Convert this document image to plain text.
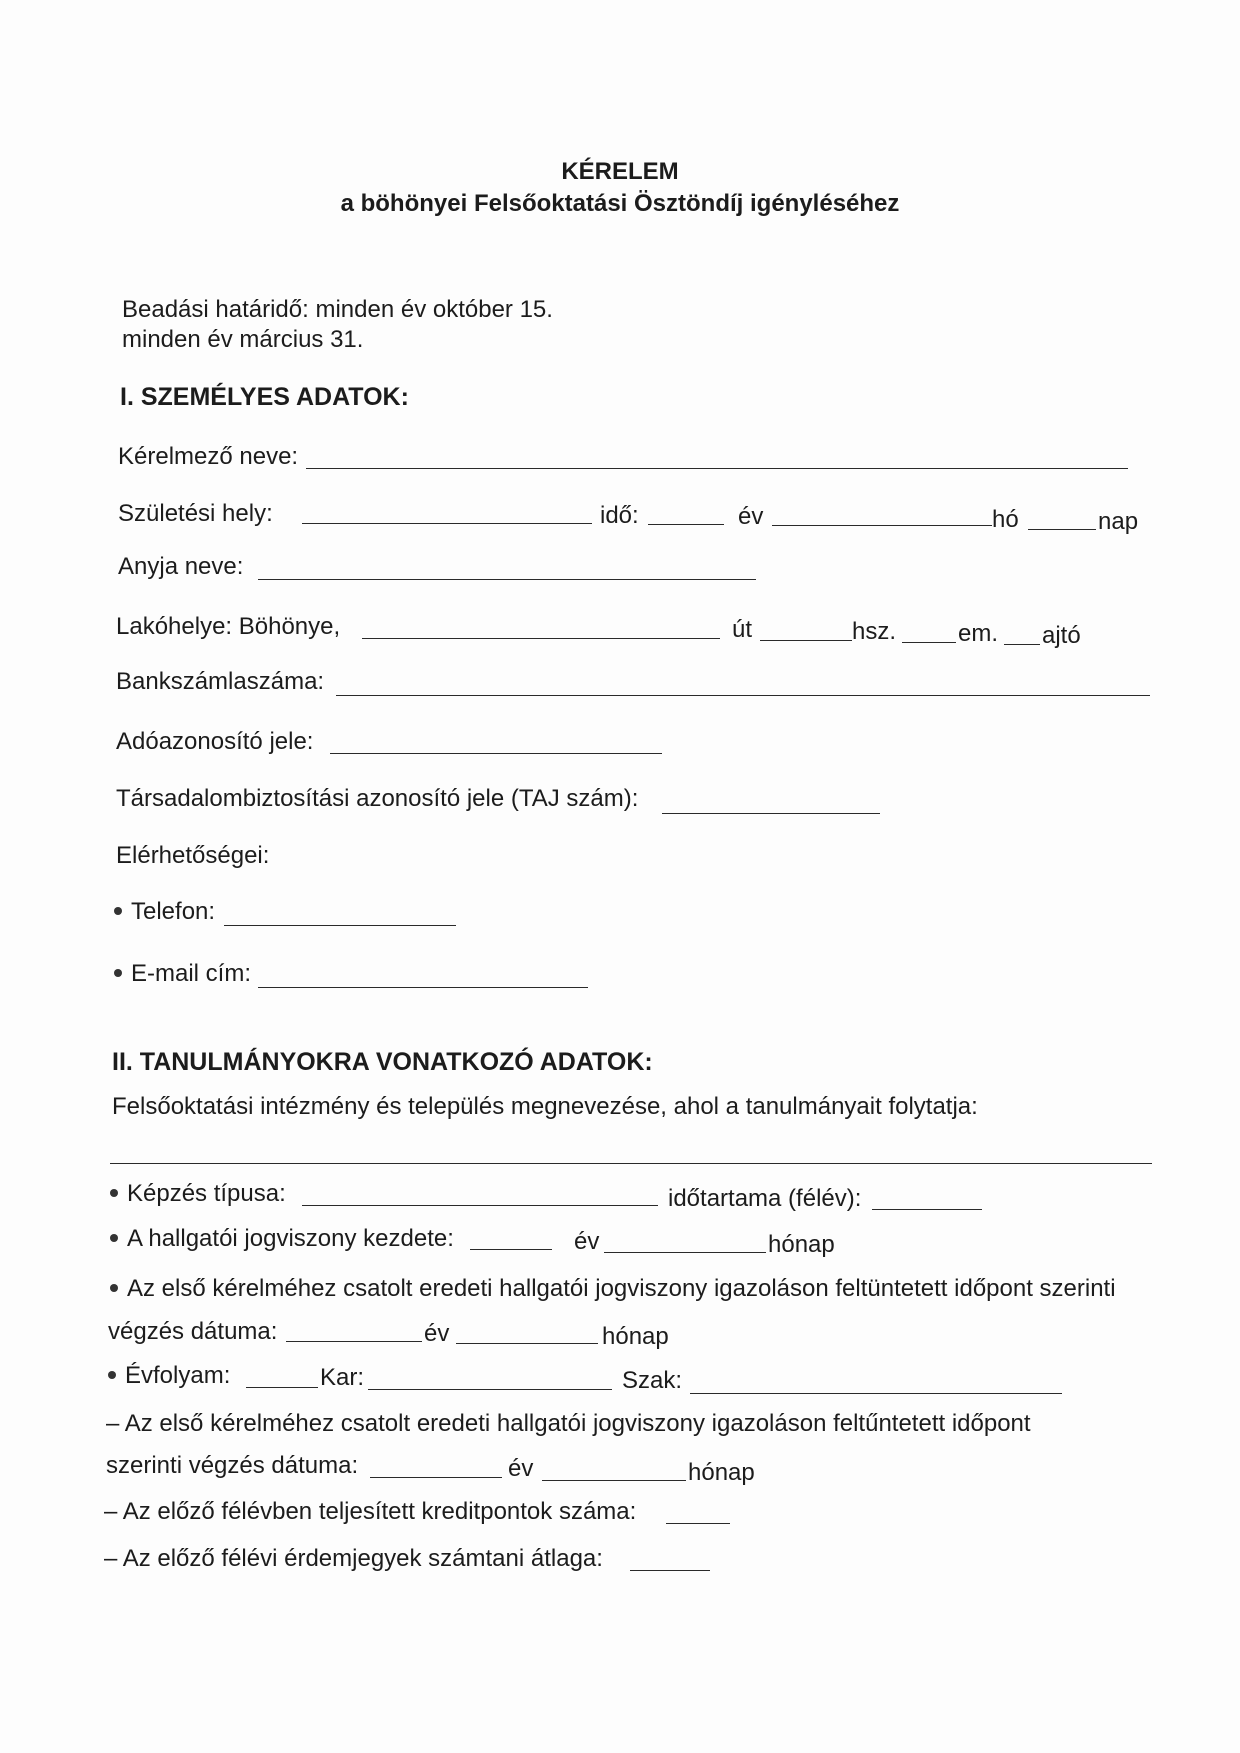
KÉRELEM
a böhönyei Felsőoktatási Ösztöndíj igényléséhez
Beadási határidő: minden év október 15.
minden év március 31.
I. SZEMÉLYES ADATOK:
Kérelmező neve:
Születési hely:	idő:	év	hó	nap
Anyja neve:
Lakóhelye: Böhönye,	út	hsz.	em. ajtó
Bankszámlaszáma:
Adóazonosító jele:
Társadalombiztosítási azonosító jele (TAJ szám):
Elérhetőségei:
Telefon:
E-mail cím:
II. TANULMÁNYOKRA VONATKOZÓ ADATOK:
Felsőoktatási intézmény és település megnevezése, ahol a tanulmányait folytatja:
Képzés típusa:	időtartama (félév):
A hallgatói jogviszony kezdete:	év	hónap
Az első kérelméhez csatolt eredeti hallgatói jogviszony igazoláson feltüntetett időpont szerinti
végzés dátuma:	év	hónap
Évfolyam:	Kar:	Szak:
– Az első kérelméhez csatolt eredeti hallgatói jogviszony igazoláson feltűntetett időpont
szerinti végzés dátuma:	év	hónap
– Az előző félévben teljesített kreditpontok száma:
– Az előző félévi érdemjegyek számtani átlaga:
